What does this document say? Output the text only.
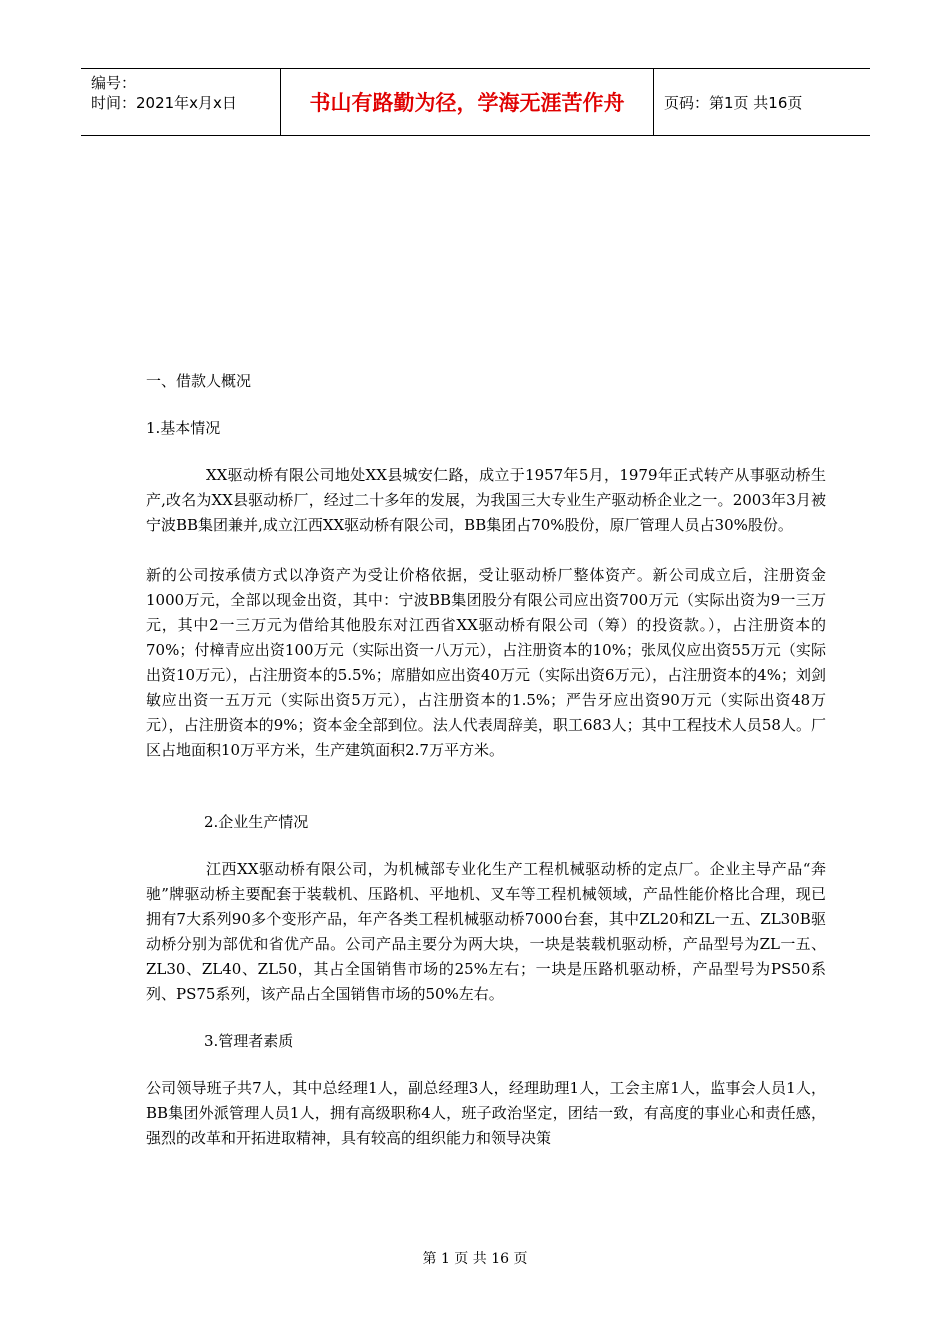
编号：
时间：2021年x月x日	书山有路勤为径，学海无涯苦作舟	页码：第1页 共16页

一、借款人概况

1.基本情况

XX驱动桥有限公司地处XX县城安仁路，成立于1957年5月，1979年正式转产从事驱动桥生产,改名为XX县驱动桥厂，经过二十多年的发展，为我国三大专业生产驱动桥企业之一。2003年3月被宁波BB集团兼并,成立江西XX驱动桥有限公司，BB集团占70%股份，原厂管理人员占30%股份。

新的公司按承债方式以净资产为受让价格依据，受让驱动桥厂整体资产。新公司成立后，注册资金1000万元，全部以现金出资，其中：宁波BB集团股分有限公司应出资700万元（实际出资为9一三万元，其中2一三万元为借给其他股东对江西省XX驱动桥有限公司（筹）的投资款。），占注册资本的70%；付樟青应出资100万元（实际出资一八万元），占注册资本的10%；张凤仪应出资55万元（实际出资10万元），占注册资本的5.5%；席腊如应出资40万元（实际出资6万元），占注册资本的4%；刘剑敏应出资一五万元（实际出资5万元），占注册资本的1.5%；严告牙应出资90万元（实际出资48万元），占注册资本的9%；资本金全部到位。法人代表周辞美，职工683人；其中工程技术人员58人。厂区占地面积10万平方米，生产建筑面积2.7万平方米。

2.企业生产情况

江西XX驱动桥有限公司，为机械部专业化生产工程机械驱动桥的定点厂。企业主导产品“奔驰”牌驱动桥主要配套于装载机、压路机、平地机、叉车等工程机械领域，产品性能价格比合理，现已拥有7大系列90多个变形产品，年产各类工程机械驱动桥7000台套，其中ZL20和ZL一五、ZL30B驱动桥分别为部优和省优产品。公司产品主要分为两大块，一块是装载机驱动桥，产品型号为ZL一五、ZL30、ZL40、ZL50，其占全国销售市场的25%左右；一块是压路机驱动桥，产品型号为PS50系列、PS75系列，该产品占全国销售市场的50%左右。

3.管理者素质

公司领导班子共7人，其中总经理1人，副总经理3人，经理助理1人，工会主席1人，监事会人员1人，BB集团外派管理人员1人，拥有高级职称4人，班子政治坚定，团结一致，有高度的事业心和责任感，强烈的改革和开拓进取精神，具有较高的组织能力和领导决策

第 1 页 共 16 页
